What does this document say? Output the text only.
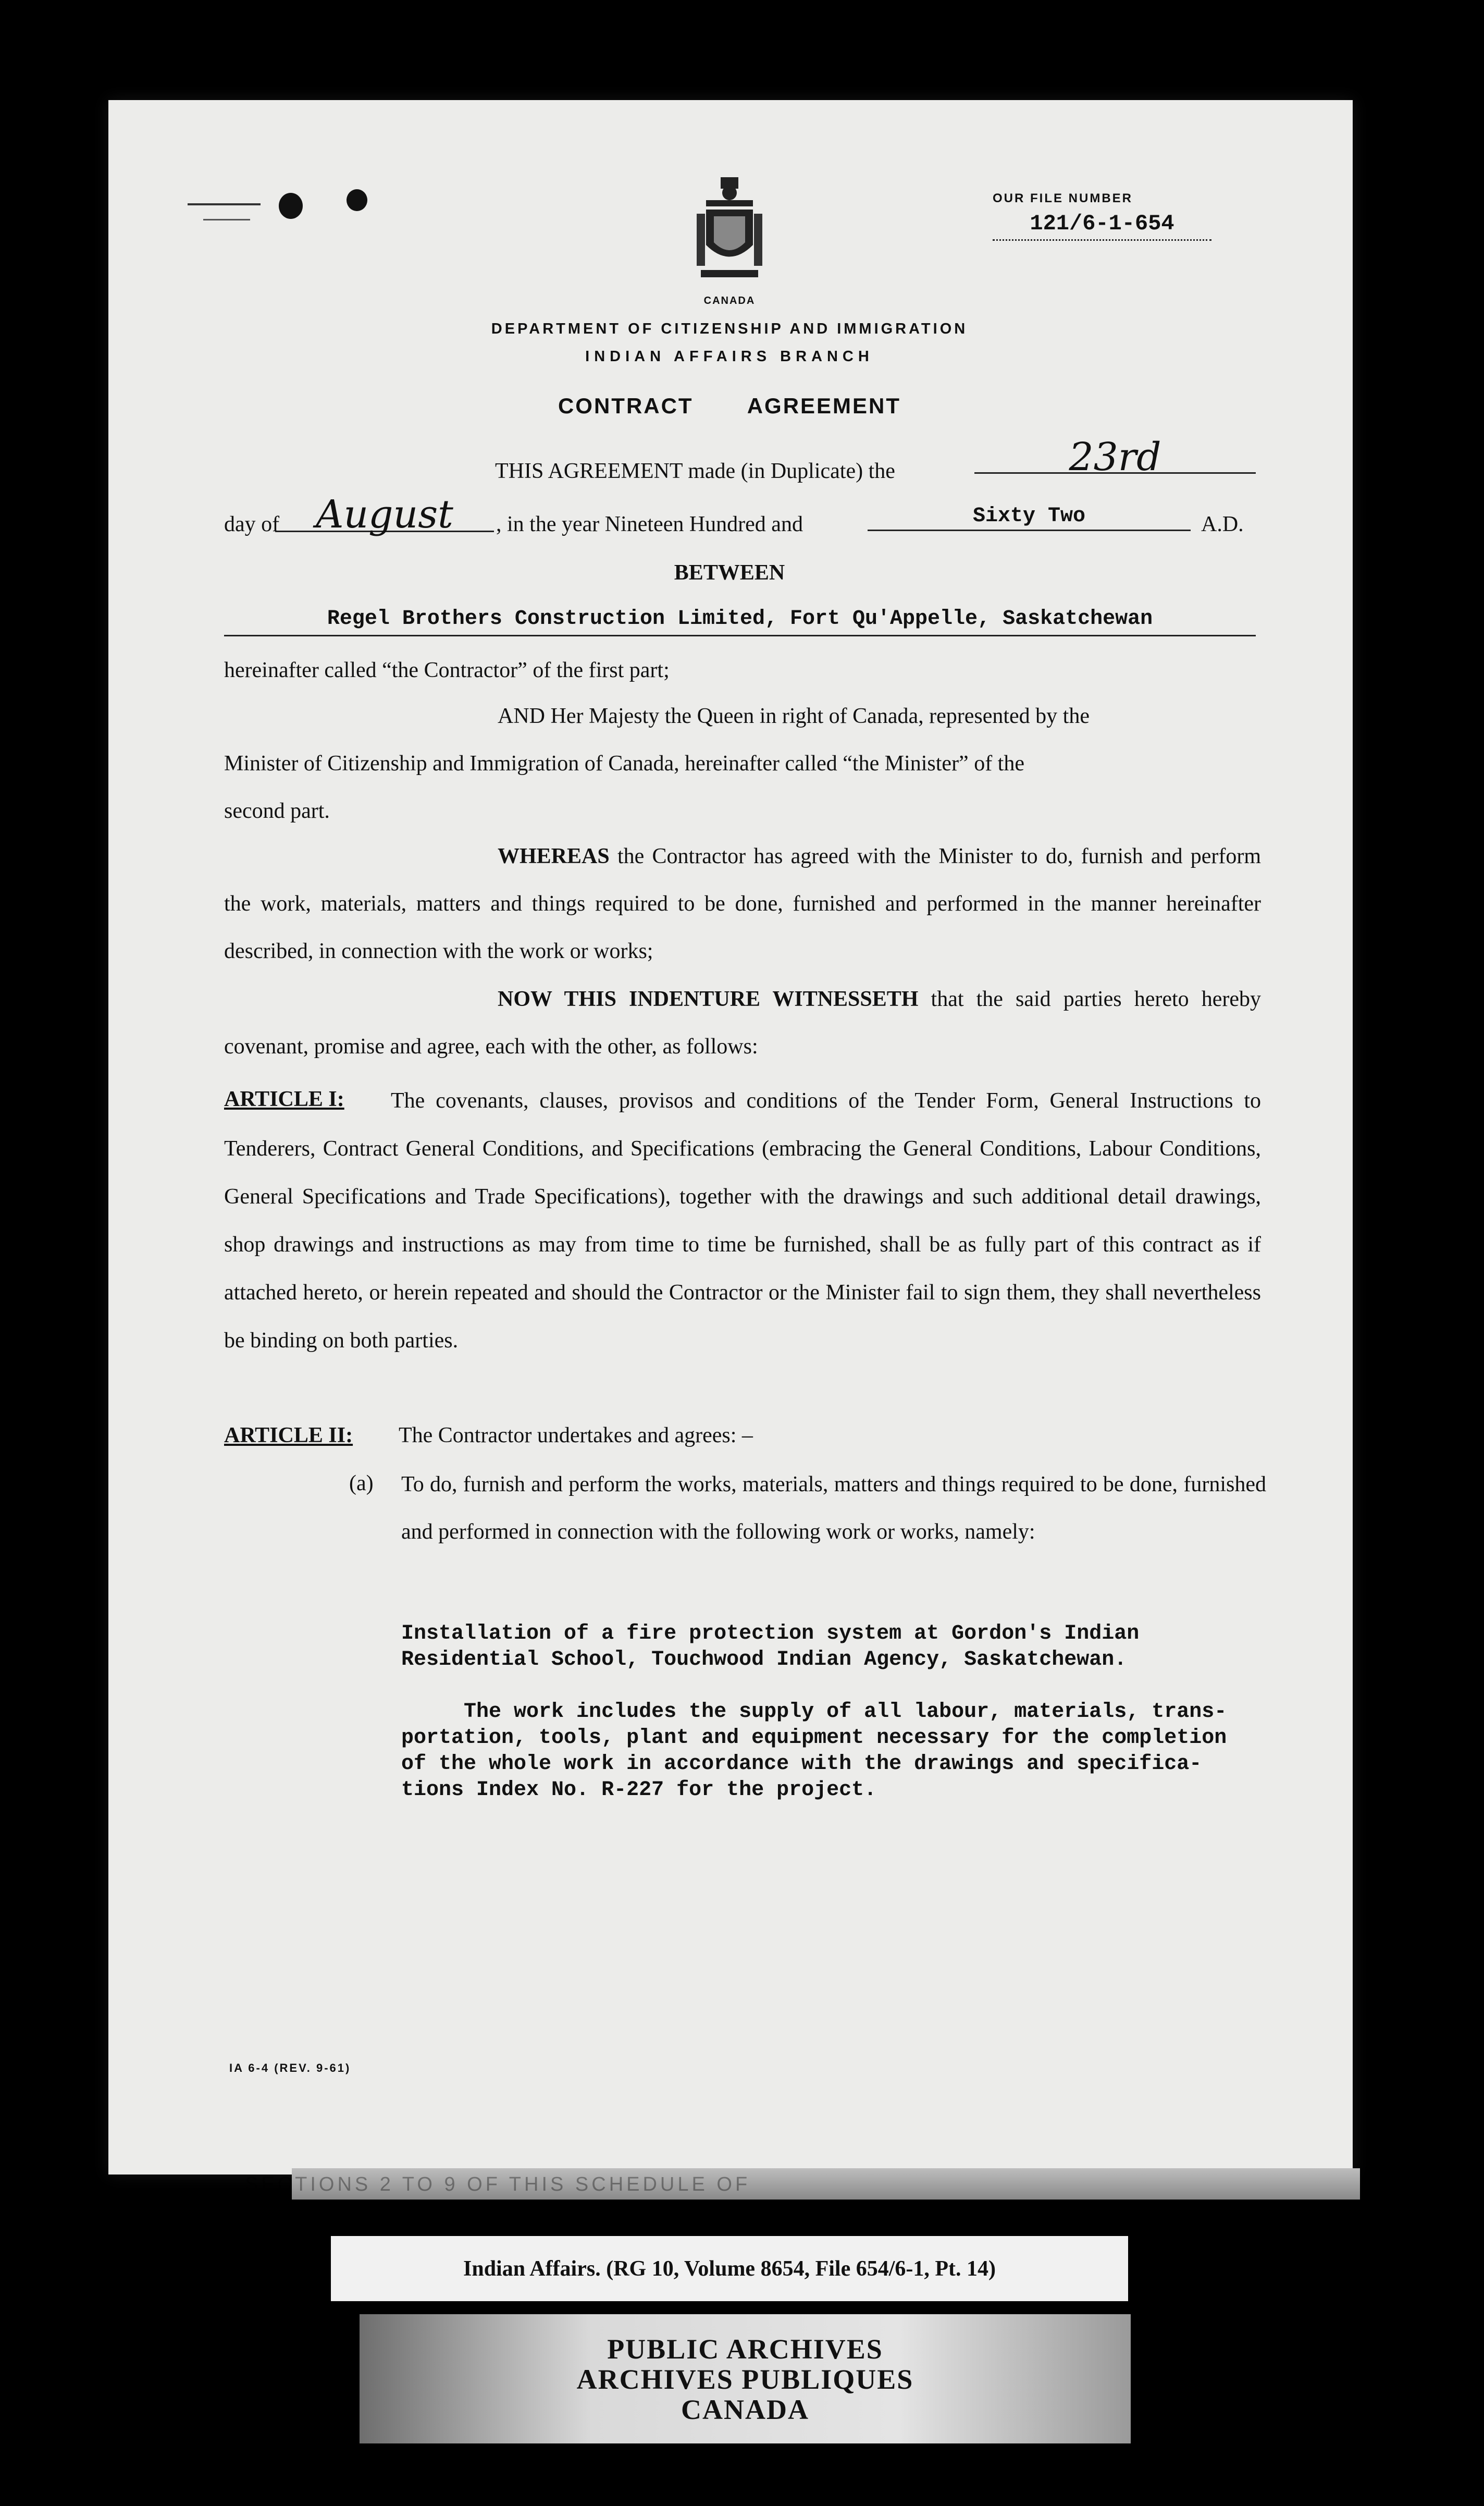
SECTIONS 2 TO 9 OF THIS SCHEDULE OF
CANADA
OUR FILE NUMBER
121/6-1-654
DEPARTMENT OF CITIZENSHIP AND IMMIGRATION
INDIAN AFFAIRS BRANCH
CONTRACT AGREEMENT
THIS AGREEMENT made (in Duplicate) the	23rd
day of August	, in the year Nineteen Hundred and	Sixty Two	A.D.
BETWEEN
Regel Brothers Construction Limited, Fort Qu'Appelle, Saskatchewan
hereinafter called “the Contractor” of the first part;
AND Her Majesty the Queen in right of Canada, represented by the
Minister of Citizenship and Immigration of Canada, hereinafter called “the Minister” of the
second part.
WHEREAS the Contractor has agreed with the Minister to do, furnish and perform the work, materials, matters and things required to be done, furnished and performed in the manner hereinafter described, in connection with the work or works;
NOW THIS INDENTURE WITNESSETH that the said parties hereto hereby covenant, promise and agree, each with the other, as follows:
ARTICLE I:	The covenants, clauses, provisos and conditions of the Tender Form, General Instructions to Tenderers, Contract General Conditions, and Specifications (embracing the General Conditions, Labour Conditions, General Specifications and Trade Specifications), together with the drawings and such additional detail drawings, shop drawings and instructions as may from time to time be furnished, shall be as fully part of this contract as if attached hereto, or herein repeated and should the Contractor or the Minister fail to sign them, they shall nevertheless be binding on both parties.
ARTICLE II: The Contractor undertakes and agrees: –
(a) To do, furnish and perform the works, materials, matters and things required to be done, furnished and performed in connection with the following work or works, namely:
Installation of a fire protection system at Gordon's Indian
Residential School, Touchwood Indian Agency, Saskatchewan.
The work includes the supply of all labour, materials, trans-
portation, tools, plant and equipment necessary for the completion
of the whole work in accordance with the drawings and specifica-
tions Index No. R-227 for the project.
IA 6-4 (REV. 9-61)
Indian Affairs. (RG 10, Volume 8654, File 654/6-1, Pt. 14)
PUBLIC ARCHIVES
ARCHIVES PUBLIQUES
CANADA
